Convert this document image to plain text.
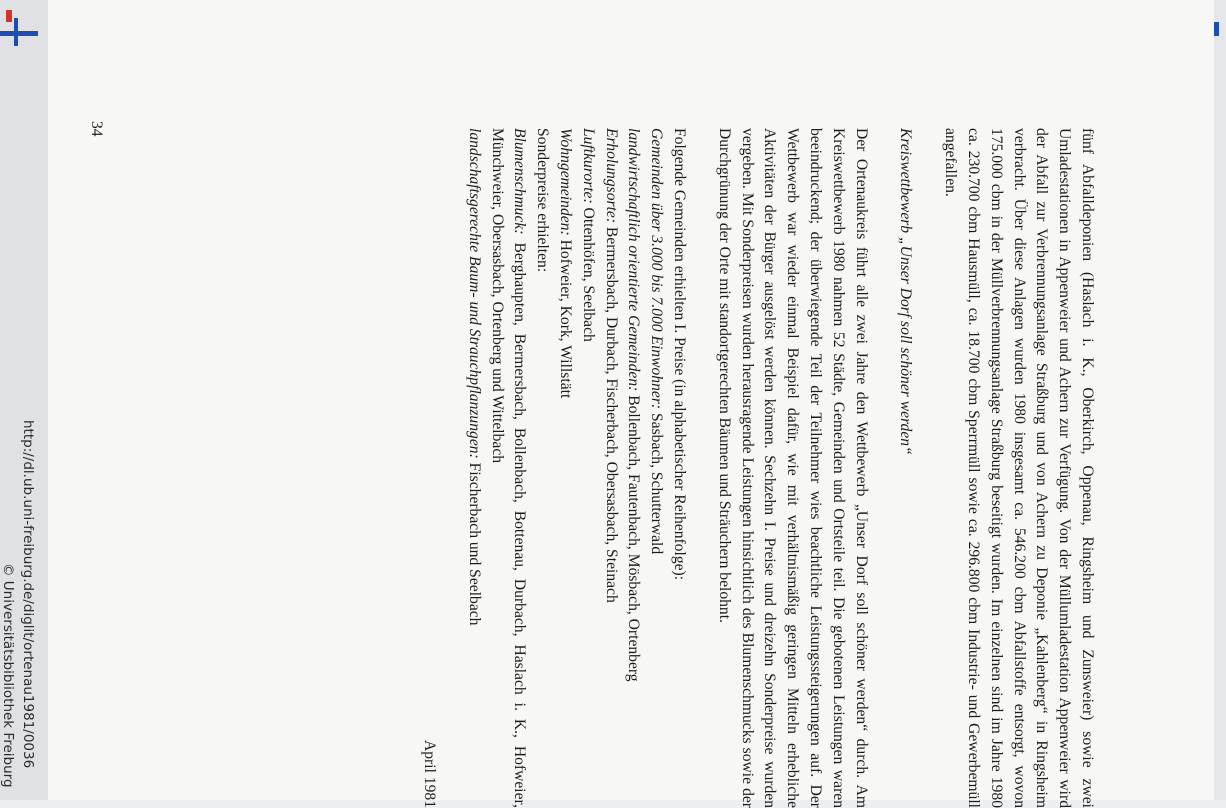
34	fünf Abfalldeponien (Haslach i. K., Oberkirch, Oppenau, Ringsheim und Zunsweier) sowie zwei Umladestationen in Appenweier und Achern zur Verfügung. Von der Müllumladestation Appenweier wird der Abfall zur Verbrennungsanlage Straßburg und von Achern zu Deponie „Kahlenberg“ in Ringsheim verbracht. Über diese Anlagen wurden 1980 insgesamt ca. 546.200 cbm Abfallstoffe entsorgt, wovon 175.000 cbm in der Müllverbrennungsanlage Straßburg beseitigt wurden. Im einzelnen sind im Jahre 1980 ca. 230.700 cbm Hausmüll, ca. 18.700 cbm Sperrmüll sowie ca. 296.800 cbm Industrie- und Gewerbemüll angefallen.

Kreiswettbewerb „Unser Dorf soll schöner werden“

Der Ortenaukreis führt alle zwei Jahre den Wettbewerb „Unser Dorf soll schöner werden“ durch. Am Kreiswettbewerb 1980 nahmen 52 Städte, Gemeinden und Ortsteile teil. Die gebotenen Leistungen waren beeindruckend; der überwiegende Teil der Teilnehmer wies beachtliche Leistungssteigerungen auf. Der Wettbewerb war wieder einmal Beispiel dafür, wie mit verhältnismäßig geringen Mitteln erhebliche Aktivitäten der Bürger ausgelöst werden können. Sechzehn I. Preise und dreizehn Sonderpreise wurden vergeben. Mit Sonderpreisen wurden herausragende Leistungen hinsichtlich des Blumenschmucks sowie der Durchgrünung der Orte mit standortgerechten Bäumen und Sträuchern belohnt.

Folgende Gemeinden erhielten I. Preise (in alphabetischer Reihenfolge):

Gemeinden über 3.000 bis 7.000 Einwohner: Sasbach, Schutterwald

landwirtschaftlich orientierte Gemeinden: Bollenbach, Fautenbach, Mösbach, Ortenberg

Erholungsorte: Bermersbach, Durbach, Fischerbach, Obersasbach, Steinach

Luftkurorte: Ottenhöfen, Seelbach

Wohngemeinden: Hofweier, Kork, Willstätt

Sonderpreise erhielten:

Blumenschmuck: Berghaupten, Bermersbach, Bollenbach, Bottenau, Durbach, Haslach i. K., Hofweier, Münchweier, Obersasbach, Ortenberg und Wittelbach

landschaftsgerechte Baum- und Strauchpflanzungen: Fischerbach und Seelbach

April 1981

http://dl.ub.uni-freiburg.de/diglit/ortenau1981/0036
© Universitätsbibliothek Freiburg
